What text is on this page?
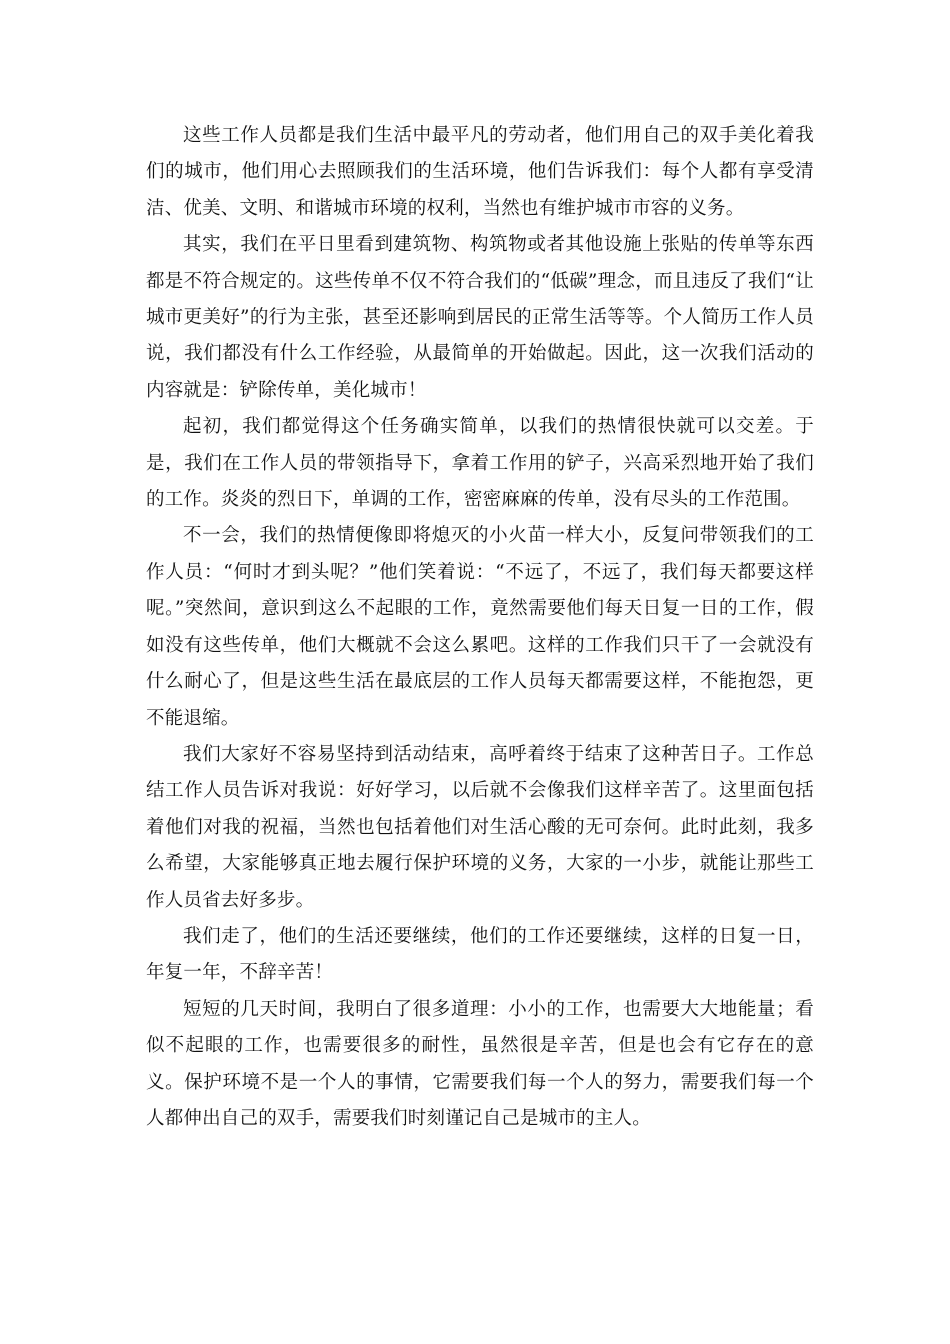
这些工作人员都是我们生活中最平凡的劳动者，他们用自己的双手美化着我们的城市，他们用心去照顾我们的生活环境，他们告诉我们：每个人都有享受清洁、优美、文明、和谐城市环境的权利，当然也有维护城市市容的义务。

其实，我们在平日里看到建筑物、构筑物或者其他设施上张贴的传单等东西都是不符合规定的。这些传单不仅不符合我们的“低碳”理念，而且违反了我们“让城市更美好”的行为主张，甚至还影响到居民的正常生活等等。个人简历工作人员说，我们都没有什么工作经验，从最简单的开始做起。因此，这一次我们活动的内容就是：铲除传单，美化城市！

起初，我们都觉得这个任务确实简单，以我们的热情很快就可以交差。于是，我们在工作人员的带领指导下，拿着工作用的铲子，兴高采烈地开始了我们的工作。炎炎的烈日下，单调的工作，密密麻麻的传单，没有尽头的工作范围。

不一会，我们的热情便像即将熄灭的小火苗一样大小，反复问带领我们的工作人员：“何时才到头呢？”他们笑着说：“不远了，不远了，我们每天都要这样呢。”突然间，意识到这么不起眼的工作，竟然需要他们每天日复一日的工作，假如没有这些传单，他们大概就不会这么累吧。这样的工作我们只干了一会就没有什么耐心了，但是这些生活在最底层的工作人员每天都需要这样，不能抱怨，更不能退缩。

我们大家好不容易坚持到活动结束，高呼着终于结束了这种苦日子。工作总结工作人员告诉对我说：好好学习，以后就不会像我们这样辛苦了。这里面包括着他们对我的祝福，当然也包括着他们对生活心酸的无可奈何。此时此刻，我多么希望，大家能够真正地去履行保护环境的义务，大家的一小步，就能让那些工作人员省去好多步。

我们走了，他们的生活还要继续，他们的工作还要继续，这样的日复一日，年复一年，不辞辛苦！

短短的几天时间，我明白了很多道理：小小的工作，也需要大大地能量；看似不起眼的工作，也需要很多的耐性，虽然很是辛苦，但是也会有它存在的意义。保护环境不是一个人的事情，它需要我们每一个人的努力，需要我们每一个人都伸出自己的双手，需要我们时刻谨记自己是城市的主人。
